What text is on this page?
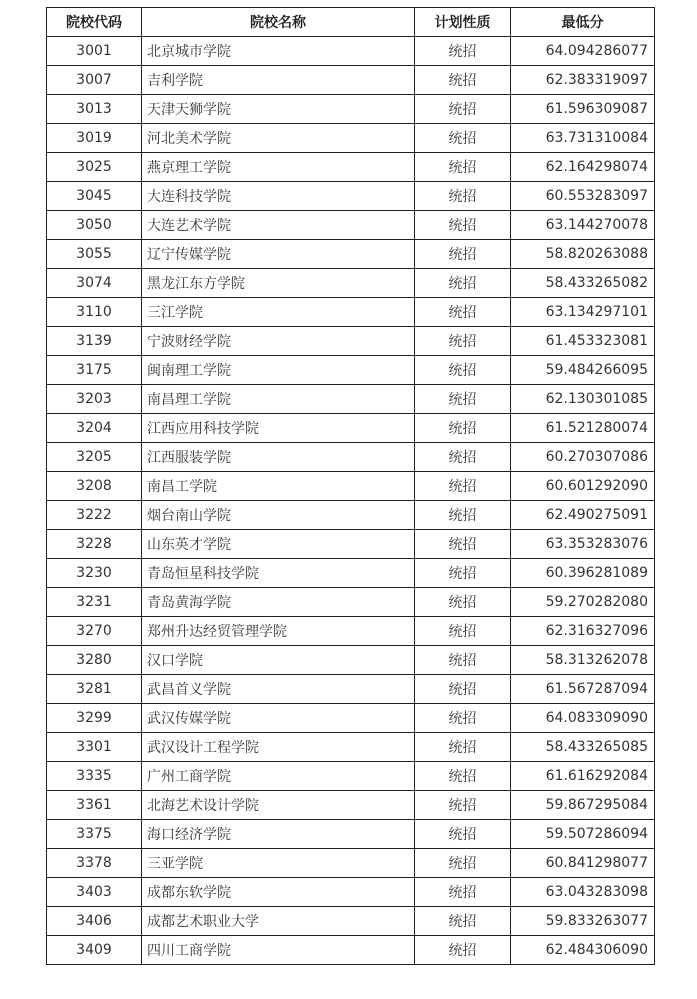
院校代码	院校名称	计划性质	最低分
3001	北京城市学院	统招	64.094286077
3007	吉利学院	统招	62.383319097
3013	天津天狮学院	统招	61.596309087
3019	河北美术学院	统招	63.731310084
3025	燕京理工学院	统招	62.164298074
3045	大连科技学院	统招	60.553283097
3050	大连艺术学院	统招	63.144270078
3055	辽宁传媒学院	统招	58.820263088
3074	黑龙江东方学院	统招	58.433265082
3110	三江学院	统招	63.134297101
3139	宁波财经学院	统招	61.453323081
3175	闽南理工学院	统招	59.484266095
3203	南昌理工学院	统招	62.130301085
3204	江西应用科技学院	统招	61.521280074
3205	江西服装学院	统招	60.270307086
3208	南昌工学院	统招	60.601292090
3222	烟台南山学院	统招	62.490275091
3228	山东英才学院	统招	63.353283076
3230	青岛恒星科技学院	统招	60.396281089
3231	青岛黄海学院	统招	59.270282080
3270	郑州升达经贸管理学院	统招	62.316327096
3280	汉口学院	统招	58.313262078
3281	武昌首义学院	统招	61.567287094
3299	武汉传媒学院	统招	64.083309090
3301	武汉设计工程学院	统招	58.433265085
3335	广州工商学院	统招	61.616292084
3361	北海艺术设计学院	统招	59.867295084
3375	海口经济学院	统招	59.507286094
3378	三亚学院	统招	60.841298077
3403	成都东软学院	统招	63.043283098
3406	成都艺术职业大学	统招	59.833263077
3409	四川工商学院	统招	62.484306090
